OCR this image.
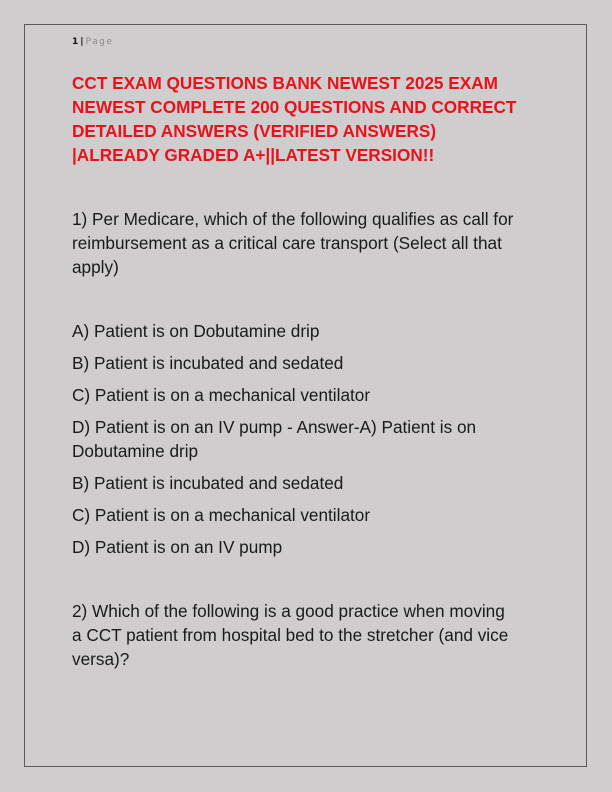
1 | Page
CCT EXAM QUESTIONS BANK NEWEST 2025 EXAM
NEWEST COMPLETE 200 QUESTIONS AND CORRECT
DETAILED ANSWERS (VERIFIED ANSWERS)
|ALREADY GRADED A+||LATEST VERSION!!
1) Per Medicare, which of the following qualifies as call for
reimbursement as a critical care transport (Select all that
apply)
A) Patient is on Dobutamine drip
B) Patient is incubated and sedated
C) Patient is on a mechanical ventilator
D) Patient is on an IV pump - Answer-A) Patient is on
Dobutamine drip
B) Patient is incubated and sedated
C) Patient is on a mechanical ventilator
D) Patient is on an IV pump
2) Which of the following is a good practice when moving
a CCT patient from hospital bed to the stretcher (and vice
versa)?
